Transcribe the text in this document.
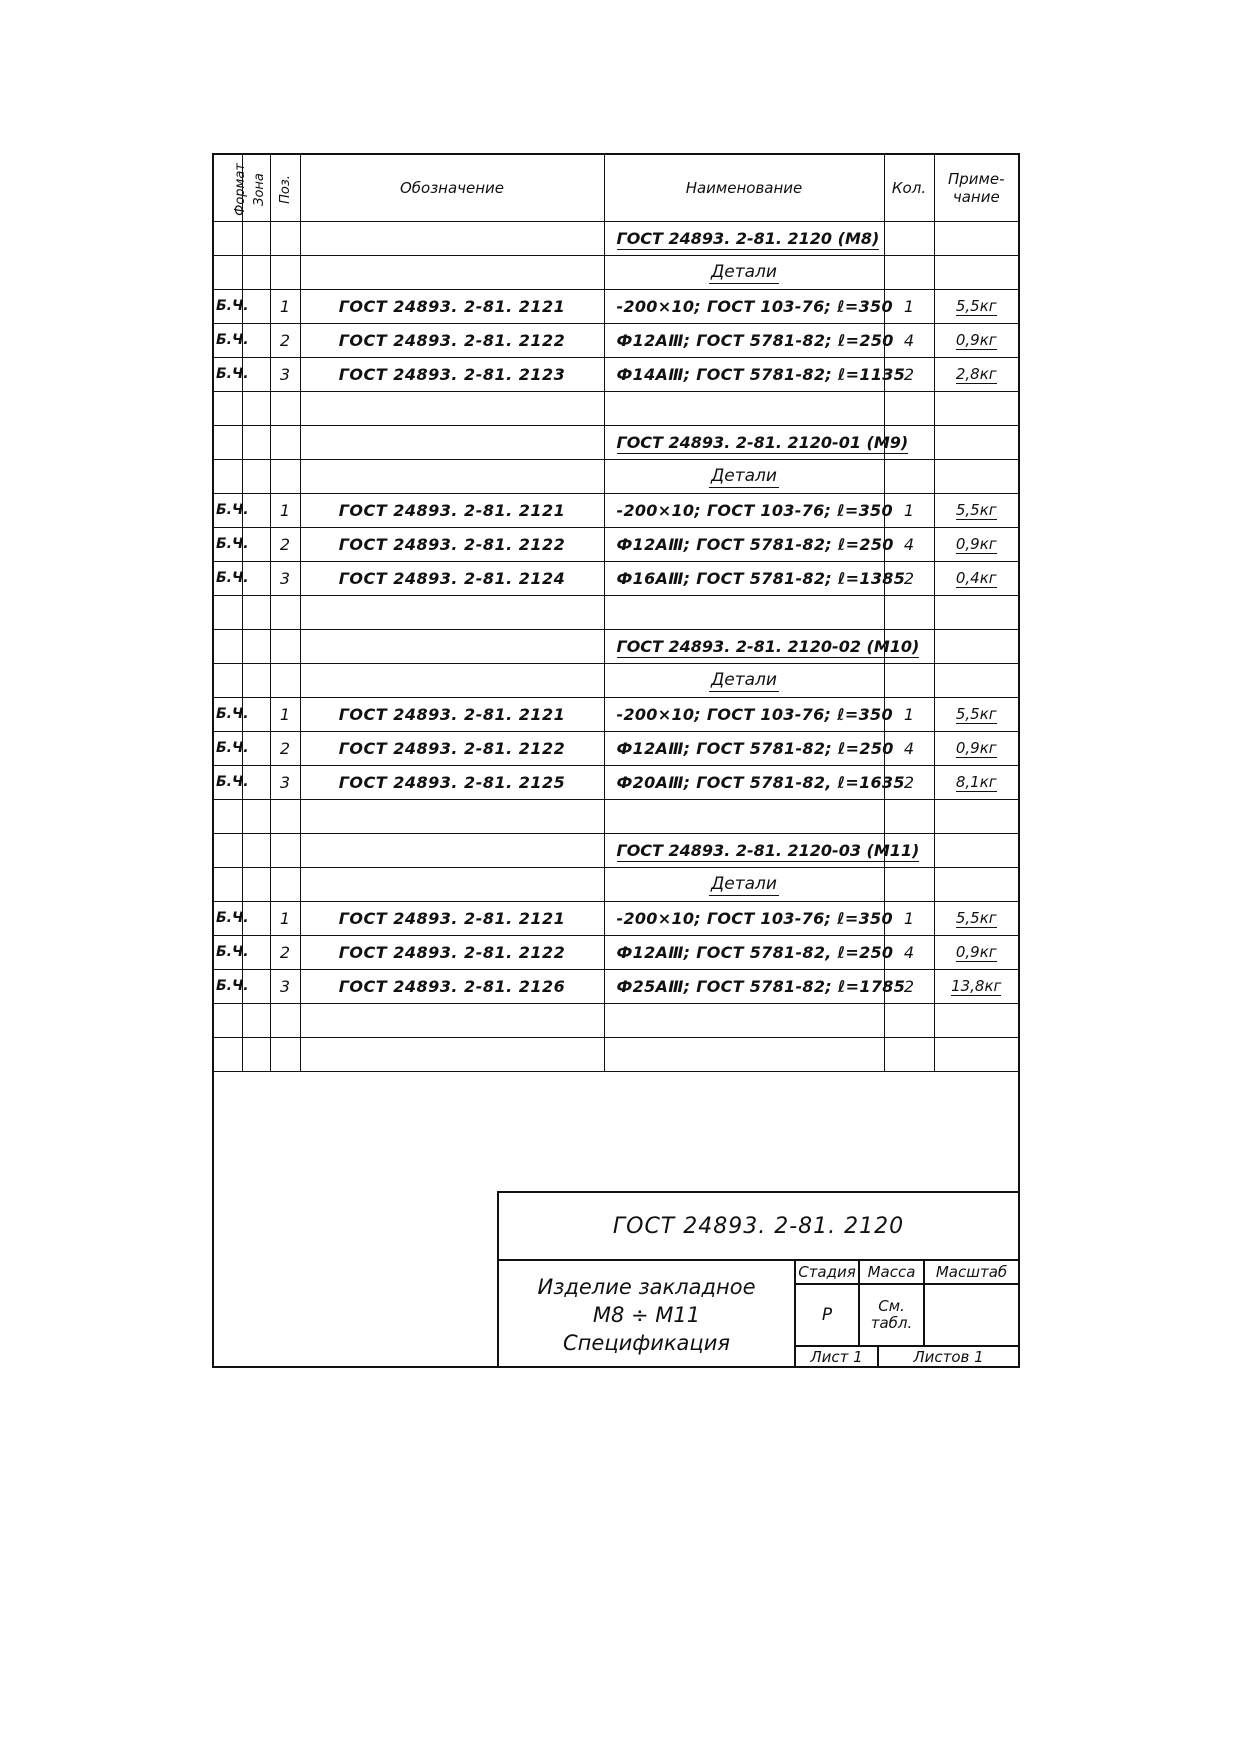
Формат	Зона	Поз.	Обозначение	Наименование	Кол.	Приме-чание
				ГОСТ 24893. 2-81. 2120 (М8)		
				Детали		
Б.Ч.		1	ГОСТ 24893. 2-81. 2121	-200×10; ГОСТ 103-76; ℓ=350	1	5,5кг
Б.Ч.		2	ГОСТ 24893. 2-81. 2122	Ф12АⅢ; ГОСТ 5781-82; ℓ=250	4	0,9кг
Б.Ч.		3	ГОСТ 24893. 2-81. 2123	Ф14АⅢ; ГОСТ 5781-82; ℓ=1135	2	2,8кг

				ГОСТ 24893. 2-81. 2120-01 (М9)		
				Детали		
Б.Ч.		1	ГОСТ 24893. 2-81. 2121	-200×10; ГОСТ 103-76; ℓ=350	1	5,5кг
Б.Ч.		2	ГОСТ 24893. 2-81. 2122	Ф12АⅢ; ГОСТ 5781-82; ℓ=250	4	0,9кг
Б.Ч.		3	ГОСТ 24893. 2-81. 2124	Ф16АⅢ; ГОСТ 5781-82; ℓ=1385	2	0,4кг

				ГОСТ 24893. 2-81. 2120-02 (М10)		
				Детали		
Б.Ч.		1	ГОСТ 24893. 2-81. 2121	-200×10; ГОСТ 103-76; ℓ=350	1	5,5кг
Б.Ч.		2	ГОСТ 24893. 2-81. 2122	Ф12АⅢ; ГОСТ 5781-82; ℓ=250	4	0,9кг
Б.Ч.		3	ГОСТ 24893. 2-81. 2125	Ф20АⅢ; ГОСТ 5781-82, ℓ=1635	2	8,1кг

				ГОСТ 24893. 2-81. 2120-03 (М11)		
				Детали		
Б.Ч.		1	ГОСТ 24893. 2-81. 2121	-200×10; ГОСТ 103-76; ℓ=350	1	5,5кг
Б.Ч.		2	ГОСТ 24893. 2-81. 2122	Ф12АⅢ; ГОСТ 5781-82, ℓ=250	4	0,9кг
Б.Ч.		3	ГОСТ 24893. 2-81. 2126	Ф25АⅢ; ГОСТ 5781-82; ℓ=1785	2	13,8кг

ГОСТ 24893. 2-81. 2120
Изделие закладное
М8 ÷ М11
Спецификация
Стадия Масса	Масштаб
Р	См. табл.
Лист 1	Листов 1
